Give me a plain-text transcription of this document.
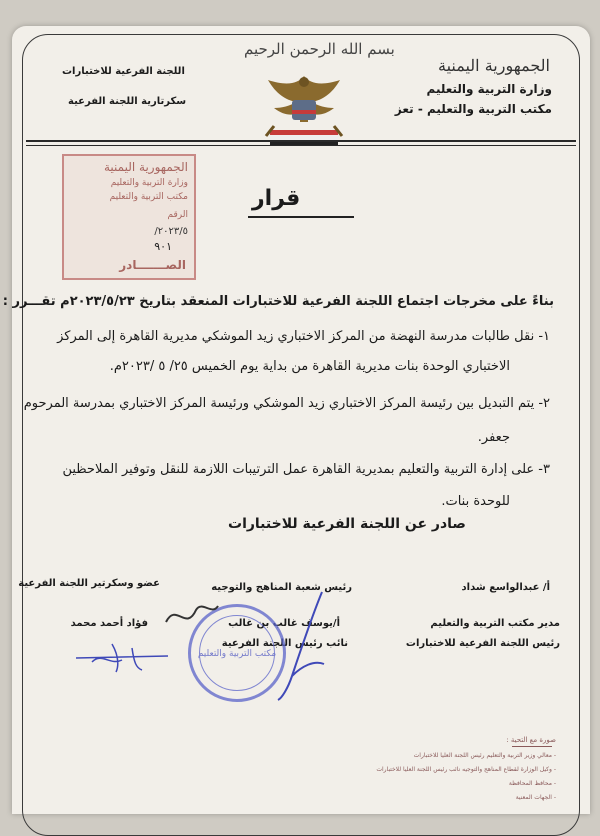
الجمهورية اليمنية
وزارة التربية والتعليم
مكتب التربية والتعليم - تعز
اللجنة الفرعية للاختبارات
سكرتارية اللجنة الفرعية
بسم الله الرحمن الرحيم
الجمهورية اليمنية
وزارة التربية والتعليم
مكتب التربية والتعليم
الرقم
٢٠٢٣/٥/
٩٠١
الصـــــــادر
قرار
بناءً على مخرجات اجتماع اللجنة الفرعية للاختبارات المنعقد بتاريخ ٢٠٢٣/٥/٢٣م تقـــرر :
١- نقل طالبات مدرسة النهضة من المركز الاختباري زيد الموشكي مديرية القاهرة إلى المركز
الاختباري الوحدة بنات مديرية القاهرة من بداية يوم الخميس ٢٥/ ٥ /٢٠٢٣م.
٢- يتم التبديل بين رئيسة المركز الاختباري زيد الموشكي ورئيسة المركز الاختباري بمدرسة المرحوم
جعفر.
٣- على إدارة التربية والتعليم بمديرية القاهرة عمل الترتيبات اللازمة للنقل وتوفير الملاحظين
للوحدة بنات.
صادر عن اللجنة الفرعية للاختبارات
أ/ عبدالواسع شداد
رئيس شعبة المناهج والتوجيه
عضو وسكرتير اللجنة الفرعية
مدير مكتب التربية والتعليم
أ/يوسف غالب بن غالب
فؤاد أحمد محمد
رئيس اللجنة الفرعية للاختبارات
نائب رئيس اللجنة الفرعية
مكتب التربية والتعليم
صورة مع التحية :
- معالي وزير التربية والتعليم رئيس اللجنة العليا للاختبارات
- وكيل الوزارة لقطاع المناهج والتوجيه نائب رئيس اللجنة العليا للاختبارات
- محافظ المحافظة
- الجهات المعنية
